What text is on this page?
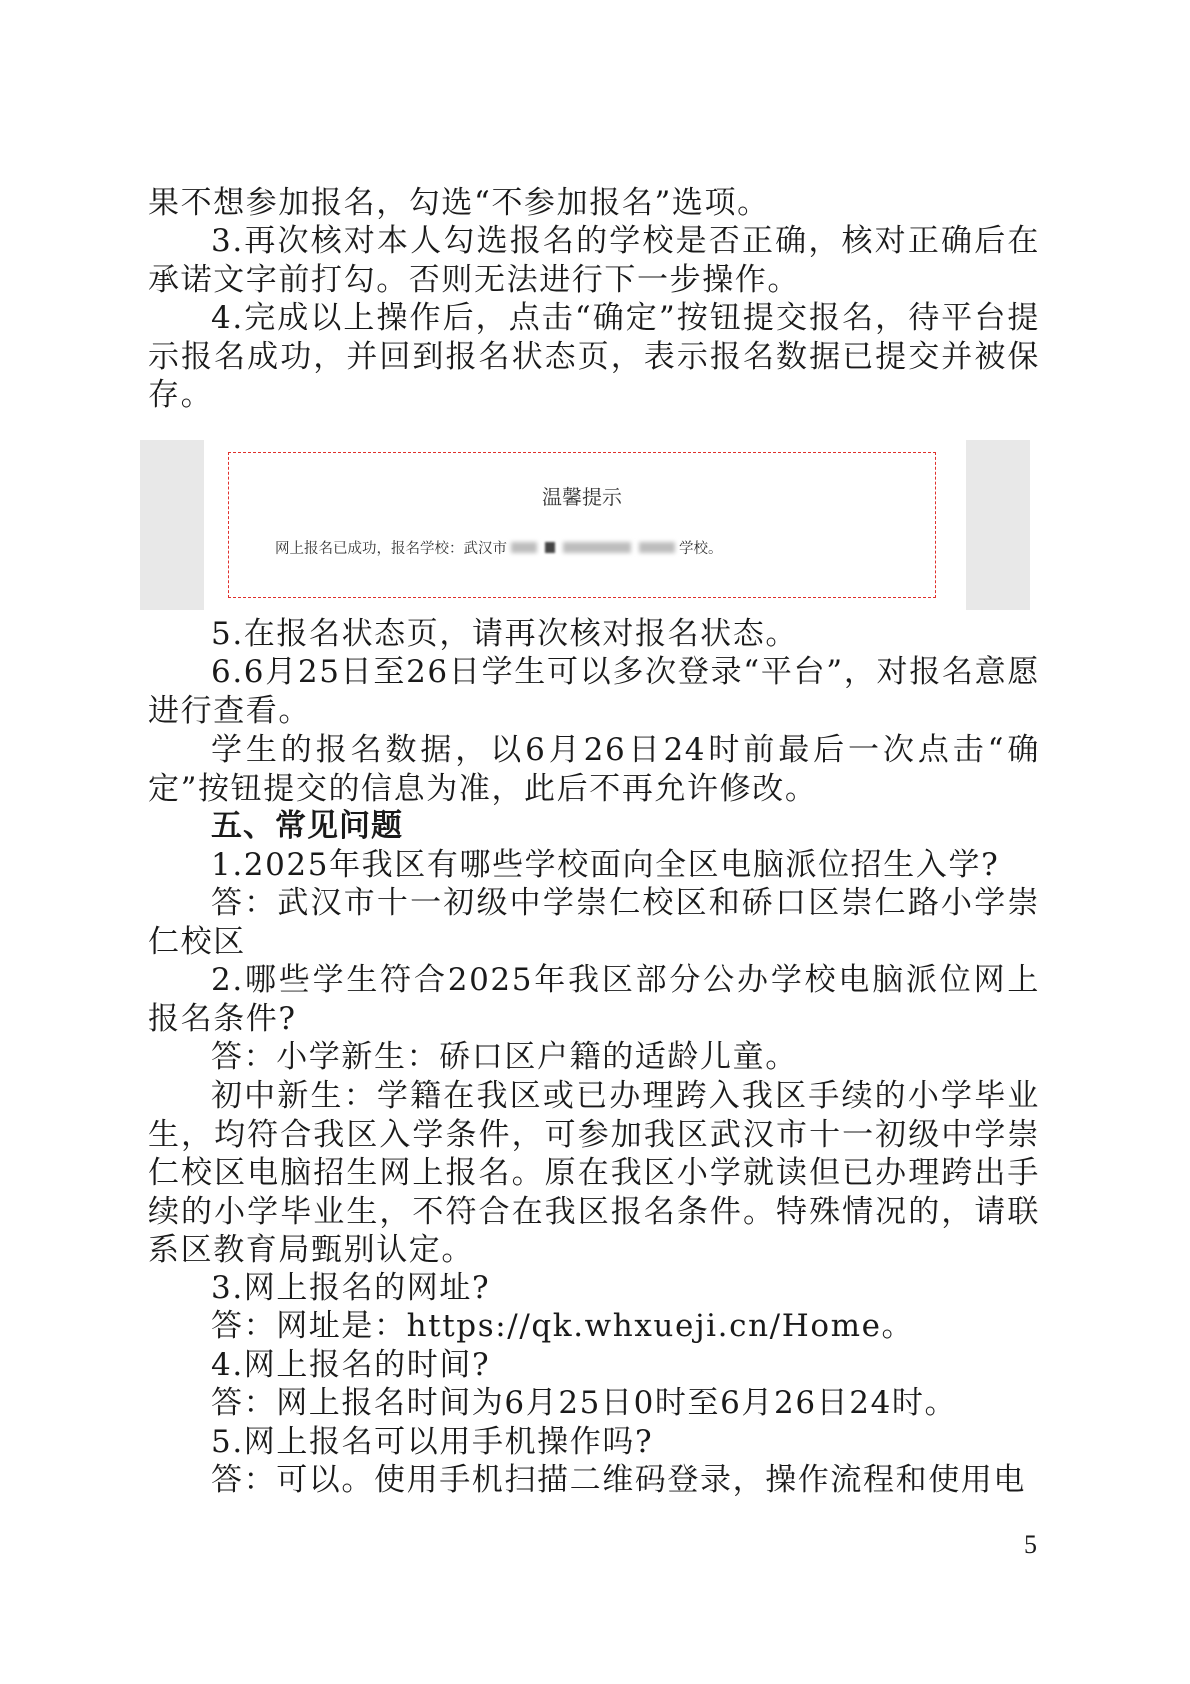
果不想参加报名，勾选“不参加报名”选项。

3.再次核对本人勾选报名的学校是否正确，核对正确后在承诺文字前打勾。否则无法进行下一步操作。

4.完成以上操作后，点击“确定”按钮提交报名，待平台提示报名成功，并回到报名状态页，表示报名数据已提交并被保存。

温馨提示
网上报名已成功，报名学校：武汉市	学校。

5.在报名状态页，请再次核对报名状态。

6.6月25日至26日学生可以多次登录“平台”，对报名意愿进行查看。

学生的报名数据，以6月26日24时前最后一次点击“确定”按钮提交的信息为准，此后不再允许修改。

五、常见问题

1.2025年我区有哪些学校面向全区电脑派位招生入学?

答：武汉市十一初级中学崇仁校区和硚口区崇仁路小学崇仁校区

2.哪些学生符合2025年我区部分公办学校电脑派位网上报名条件?

答：小学新生：硚口区户籍的适龄儿童。

初中新生：学籍在我区或已办理跨入我区手续的小学毕业生，均符合我区入学条件，可参加我区武汉市十一初级中学崇仁校区电脑招生网上报名。原在我区小学就读但已办理跨出手续的小学毕业生，不符合在我区报名条件。特殊情况的，请联系区教育局甄别认定。

3.网上报名的网址?

答：网址是：https://qk.whxueji.cn/Home。

4.网上报名的时间?

答：网上报名时间为6月25日0时至6月26日24时。

5.网上报名可以用手机操作吗?

答：可以。使用手机扫描二维码登录，操作流程和使用电

5
